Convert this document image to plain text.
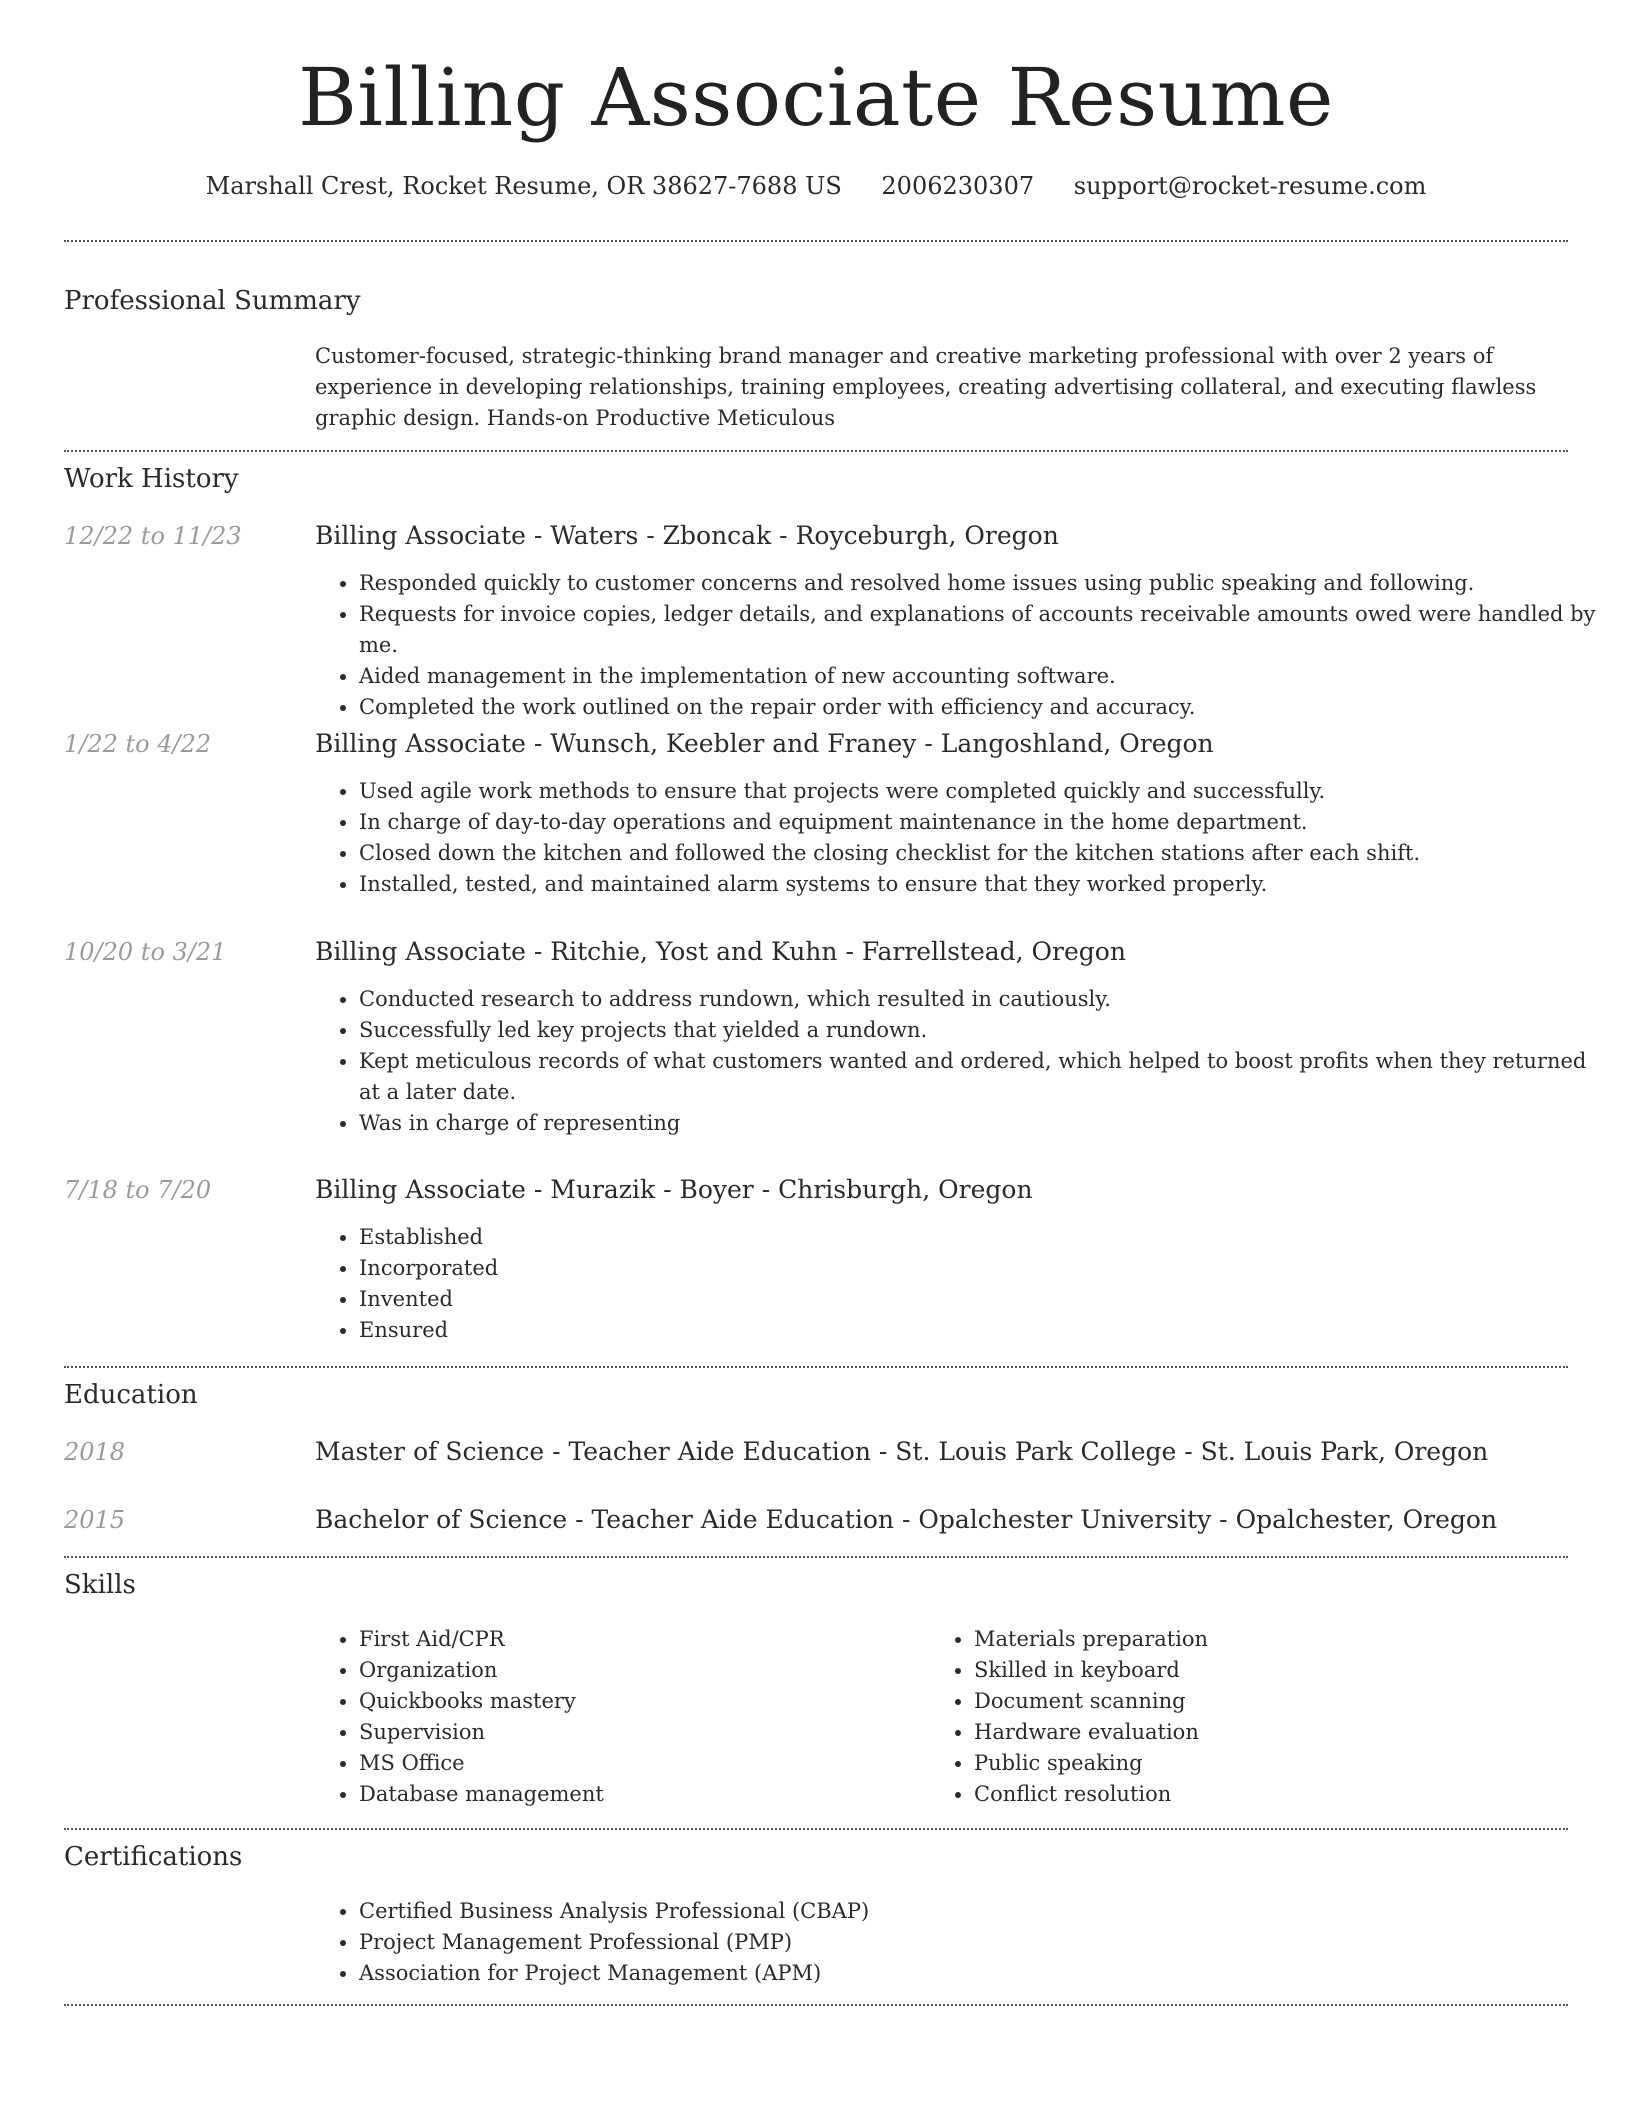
Billing Associate Resume
Marshall Crest, Rocket Resume, OR 38627-7688 US 2006230307 support@rocket-resume.com
Professional Summary
Customer-focused, strategic-thinking brand manager and creative marketing professional with over 2 years of experience in developing relationships, training employees, creating advertising collateral, and executing flawless graphic design. Hands-on Productive Meticulous
Work History
12/22 to 11/23	Billing Associate - Waters - Zboncak - Royceburgh, Oregon
• Responded quickly to customer concerns and resolved home issues using public speaking and following.
• Requests for invoice copies, ledger details, and explanations of accounts receivable amounts owed were handled by me.
• Aided management in the implementation of new accounting software.
• Completed the work outlined on the repair order with efficiency and accuracy.
1/22 to 4/22	Billing Associate - Wunsch, Keebler and Franey - Langoshland, Oregon
• Used agile work methods to ensure that projects were completed quickly and successfully.
• In charge of day-to-day operations and equipment maintenance in the home department.
• Closed down the kitchen and followed the closing checklist for the kitchen stations after each shift.
• Installed, tested, and maintained alarm systems to ensure that they worked properly.
10/20 to 3/21	Billing Associate - Ritchie, Yost and Kuhn - Farrellstead, Oregon
• Conducted research to address rundown, which resulted in cautiously.
• Successfully led key projects that yielded a rundown.
• Kept meticulous records of what customers wanted and ordered, which helped to boost profits when they returned at a later date.
• Was in charge of representing
7/18 to 7/20	Billing Associate - Murazik - Boyer - Chrisburgh, Oregon
• Established
• Incorporated
• Invented
• Ensured
Education
2018	Master of Science - Teacher Aide Education - St. Louis Park College - St. Louis Park, Oregon
2015	Bachelor of Science - Teacher Aide Education - Opalchester University - Opalchester, Oregon
Skills
• First Aid/CPR
• Organization
• Quickbooks mastery
• Supervision
• MS Office
• Database management
• Materials preparation
• Skilled in keyboard
• Document scanning
• Hardware evaluation
• Public speaking
• Conflict resolution
Certifications
• Certified Business Analysis Professional (CBAP)
• Project Management Professional (PMP)
• Association for Project Management (APM)
